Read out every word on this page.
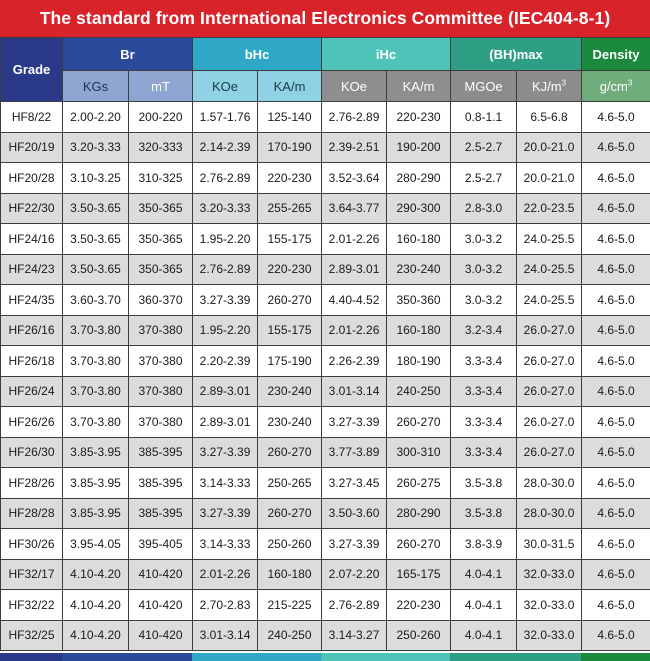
The standard from International Electronics Committee (IEC404-8-1)
Grade	Br		bHc		iHc		(BH)max		Density
	KGs	mT	KOe	KA/m	KOe	KA/m	MGOe	$KJ/m^3$	$g/cm^3$
HF8/22	2.00-2.20	200-220	1.57-1.76	125-140	2.76-2.89	220-230	0.8-1.1	6.5-6.8	4.6-5.0
HF20/19	3.20-3.33	320-333	2.14-2.39	170-190	2.39-2.51	190-200	2.5-2.7	20.0-21.0	4.6-5.0
HF20/28	3.10-3.25	310-325	2.76-2.89	220-230	3.52-3.64	280-290	2.5-2.7	20.0-21.0	4.6-5.0
HF22/30	3.50-3.65	350-365	3.20-3.33	255-265	3.64-3.77	290-300	2.8-3.0	22.0-23.5	4.6-5.0
HF24/16	3.50-3.65	350-365	1.95-2.20	155-175	2.01-2.26	160-180	3.0-3.2	24.0-25.5	4.6-5.0
HF24/23	3.50-3.65	350-365	2.76-2.89	220-230	2.89-3.01	230-240	3.0-3.2	24.0-25.5	4.6-5.0
HF24/35	3.60-3.70	360-370	3.27-3.39	260-270	4.40-4.52	350-360	3.0-3.2	24.0-25.5	4.6-5.0
HF26/16	3.70-3.80	370-380	1.95-2.20	155-175	2.01-2.26	160-180	3.2-3.4	26.0-27.0	4.6-5.0
HF26/18	3.70-3.80	370-380	2.20-2.39	175-190	2.26-2.39	180-190	3.3-3.4	26.0-27.0	4.6-5.0
HF26/24	3.70-3.80	370-380	2.89-3.01	230-240	3.01-3.14	240-250	3.3-3.4	26.0-27.0	4.6-5.0
HF26/26	3.70-3.80	370-380	2.89-3.01	230-240	3.27-3.39	260-270	3.3-3.4	26.0-27.0	4.6-5.0
HF26/30	3.85-3.95	385-395	3.27-3.39	260-270	3.77-3.89	300-310	3.3-3.4	26.0-27.0	4.6-5.0
HF28/26	3.85-3.95	385-395	3.14-3.33	250-265	3.27-3.45	260-275	3.5-3.8	28.0-30.0	4.6-5.0
HF28/28	3.85-3.95	385-395	3.27-3.39	260-270	3.50-3.60	280-290	3.5-3.8	28.0-30.0	4.6-5.0
HF30/26	3.95-4.05	395-405	3.14-3.33	250-260	3.27-3.39	260-270	3.8-3.9	30.0-31.5	4.6-5.0
HF32/17	4.10-4.20	410-420	2.01-2.26	160-180	2.07-2.20	165-175	4.0-4.1	32.0-33.0	4.6-5.0
HF32/22	4.10-4.20	410-420	2.70-2.83	215-225	2.76-2.89	220-230	4.0-4.1	32.0-33.0	4.6-5.0
HF32/25	4.10-4.20	410-420	3.01-3.14	240-250	3.14-3.27	250-260	4.0-4.1	32.0-33.0	4.6-5.0
